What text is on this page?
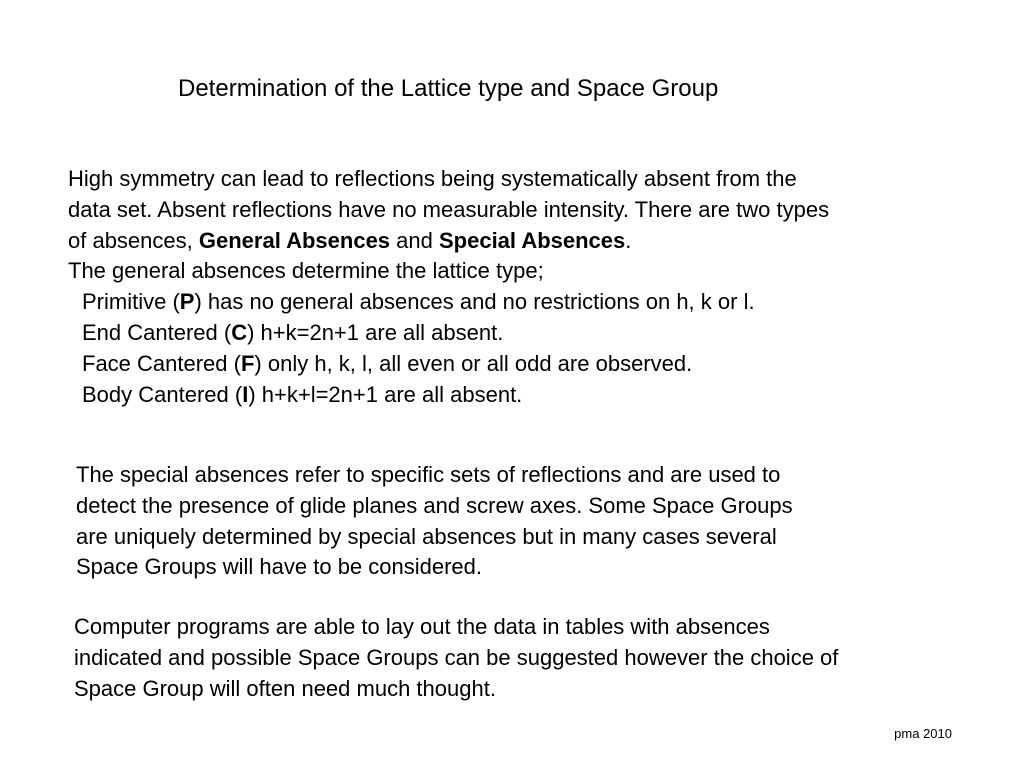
Determination of the Lattice type and Space Group

High symmetry can lead to reflections being systematically absent from the

data set. Absent reflections have no measurable intensity. There are two types

of absences, General Absences and Special Absences.

The general absences determine the lattice type;

Primitive (P) has no general absences and no restrictions on h, k or l.

End Cantered (C) h+k=2n+1 are all absent.

Face Cantered (F) only h, k, l, all even or all odd are observed.

Body Cantered (I) h+k+l=2n+1 are all absent.

The special absences refer to specific sets of reflections and are used to

detect the presence of glide planes and screw axes. Some Space Groups

are uniquely determined by special absences but in many cases several

Space Groups will have to be considered.

Computer programs are able to lay out the data in tables with absences

indicated and possible Space Groups can be suggested however the choice of

Space Group will often need much thought.

pma 2010
